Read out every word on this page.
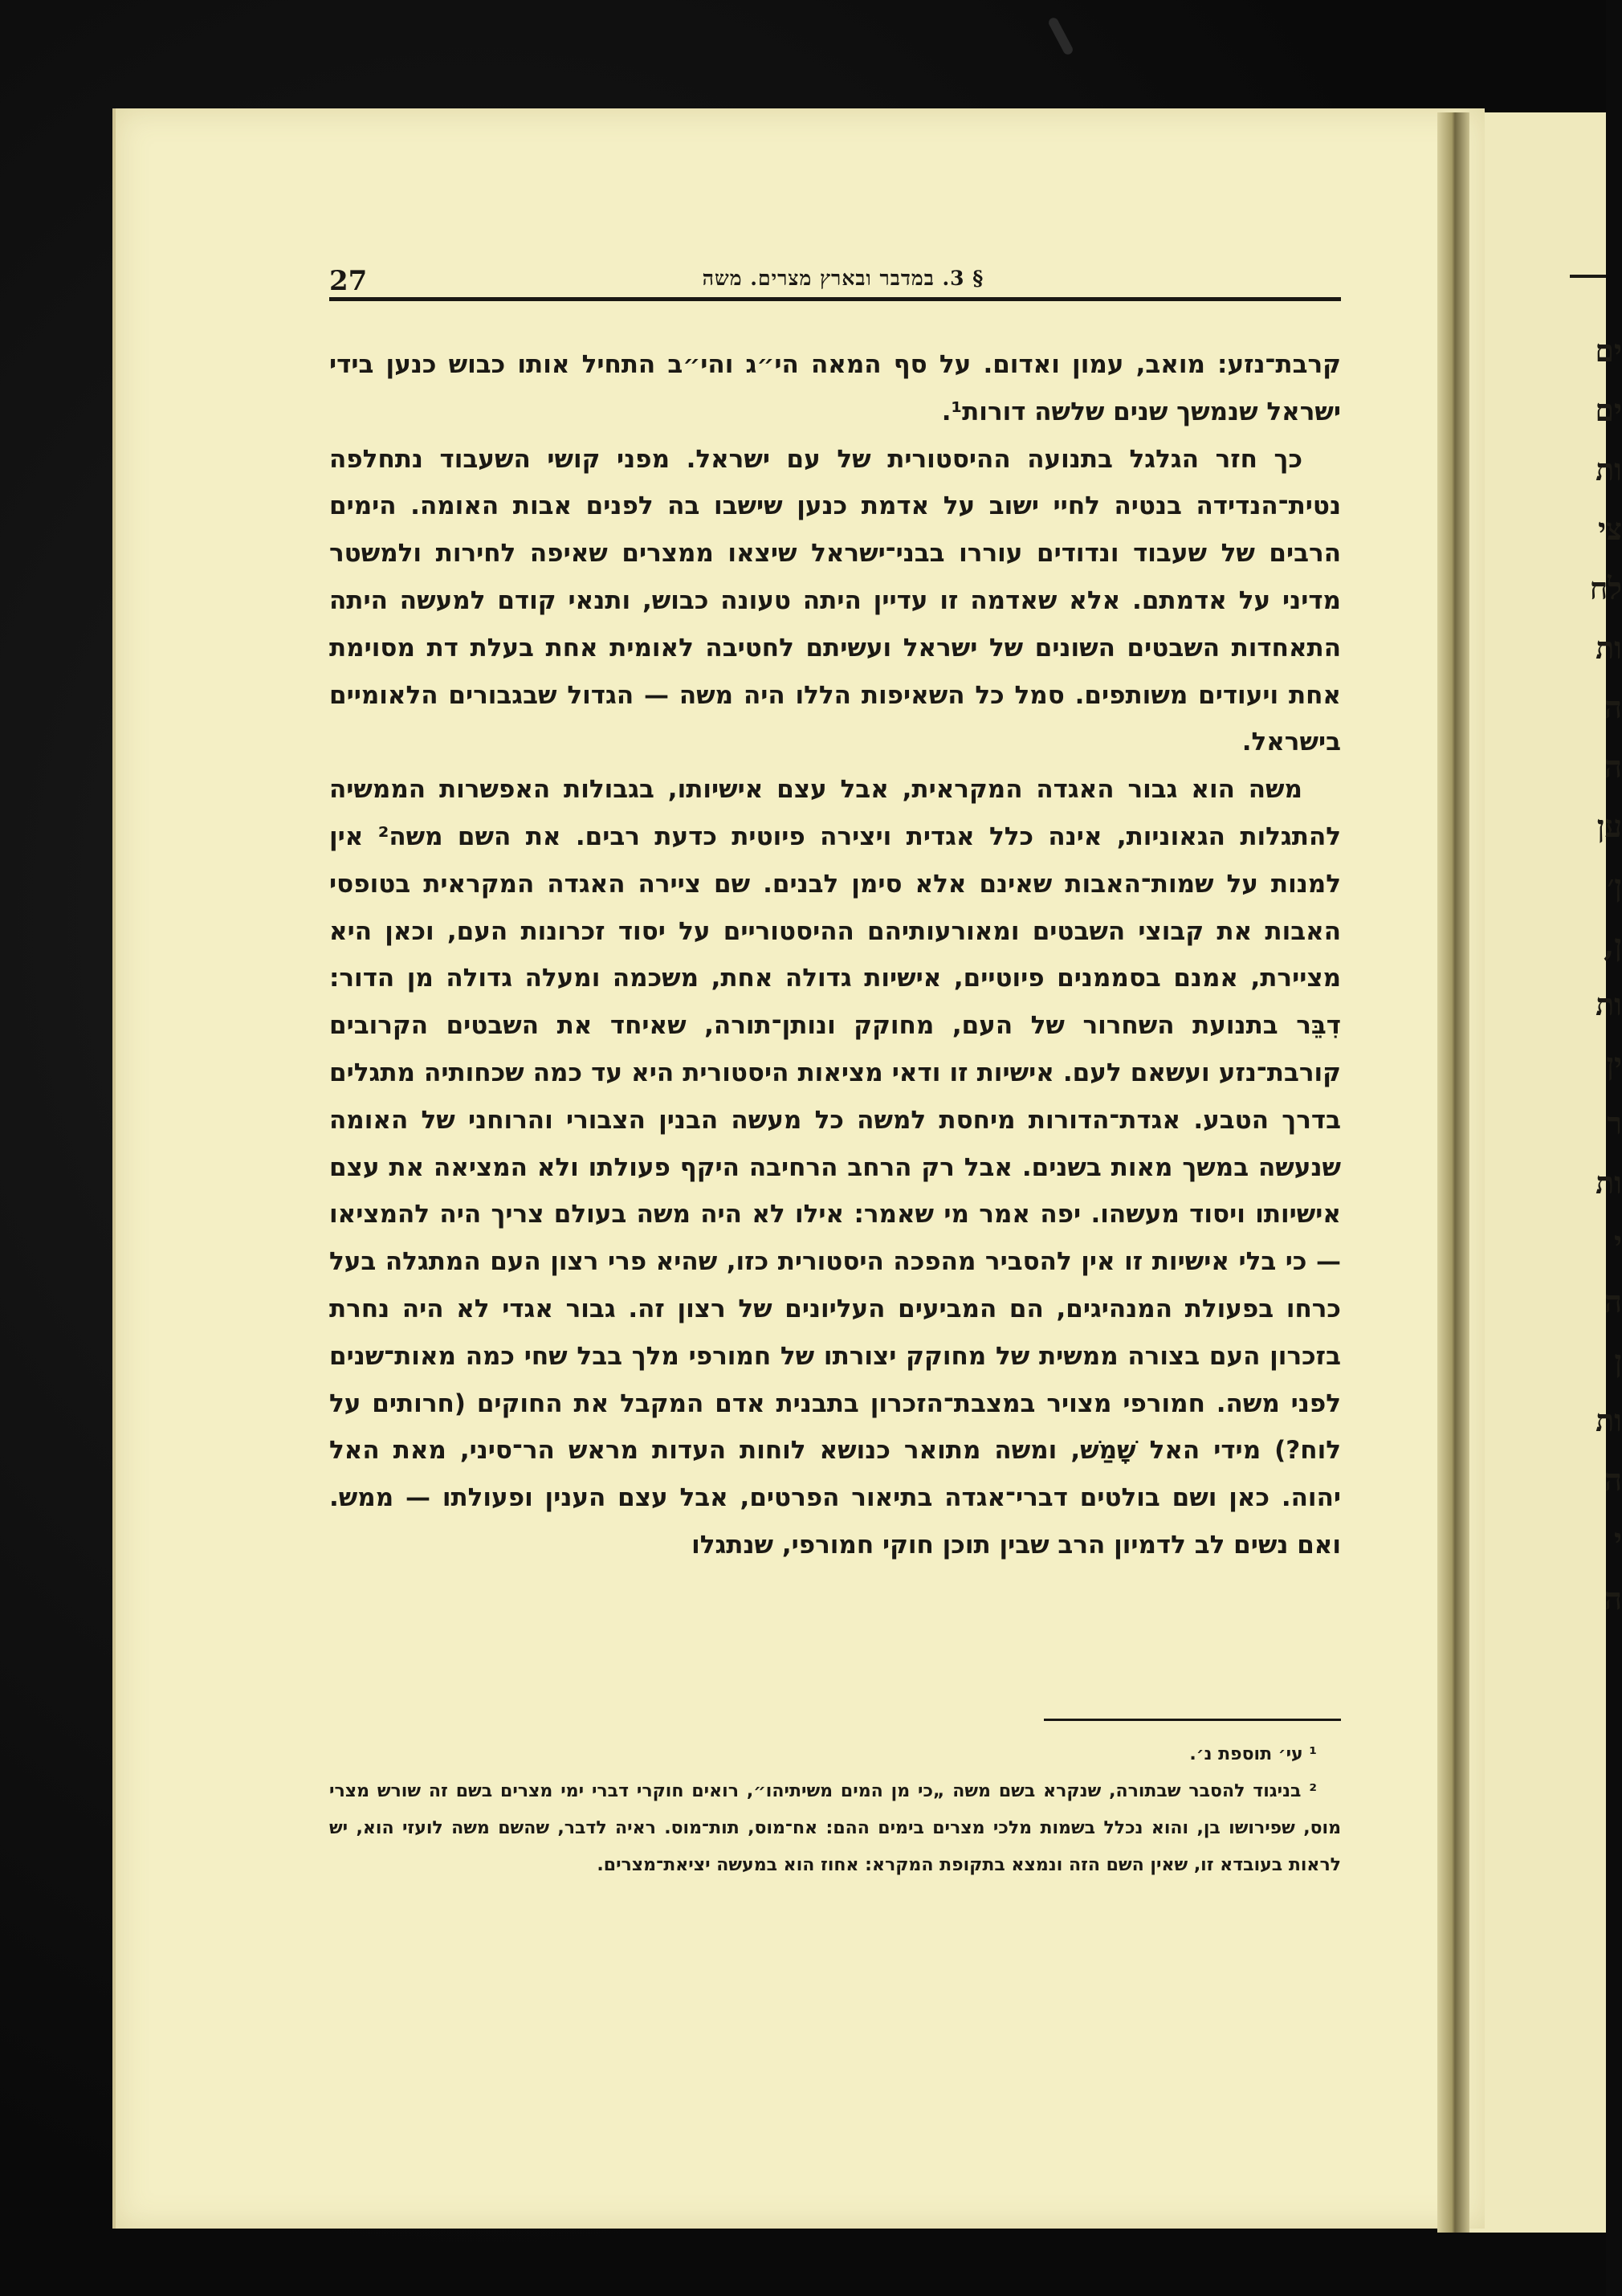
ים
ים
ות
צי
לח
ות
ה
ה
ען
ן׳
ן,
ות
ין
ר
ות
י
ה
ן
ות
ה
י
ה
27	§ 3. במדבר ובארץ מצרים. משה

קרבת־נזע: מואב, עמון ואדום. על סף המאה הי״ג והי״ב התחיל אותו כבוש כנען בידי ישראל שנמשך שנים שלשה דורות¹.

כך חזר הגלגל בתנועה ההיסטורית של עם ישראל. מפני קושי השעבוד נתחלפה נטית־הנדידה בנטיה לחיי ישוב על אדמת כנען שישבו בה לפנים אבות האומה. הימים הרבים של שעבוד ונדודים עוררו בבני־ישראל שיצאו ממצרים שאיפה לחירות ולמשטר מדיני על אדמתם. אלא שאדמה זו עדיין היתה טעונה כבוש, ותנאי קודם למעשה היתה התאחדות השבטים השונים של ישראל ועשיתם לחטיבה לאומית אחת בעלת דת מסוימת אחת ויעודים משותפים. סמל כל השאיפות הללו היה משה — הגדול שבגבורים הלאומיים בישראל.

משה הוא גבור האגדה המקראית, אבל עצם אישיותו, בגבולות האפשרות הממשיה להתגלות הגאוניות, אינה כלל אגדית ויצירה פיוטית כדעת רבים. את השם משה² אין למנות על שמות־האבות שאינם אלא סימן לבנים. שם ציירה האגדה המקראית בטופסי האבות את קבוצי השבטים ומאורעותיהם ההיסטוריים על יסוד זכרונות העם, וכאן היא מציירת, אמנם בסממנים פיוטיים, אישיות גדולה אחת, משכמה ומעלה גדולה מן הדור: דִבֵּר בתנועת השחרור של העם, מחוקק ונותן־תורה, שאיחד את השבטים הקרובים קורבת־נזע ועשאם לעם. אישיות זו ודאי מציאות היסטורית היא עד כמה שכחותיה מתגלים בדרך הטבע. אגדת־הדורות מיחסת למשה כל מעשה הבנין הצבורי והרוחני של האומה שנעשה במשך מאות בשנים. אבל רק הרחב הרחיבה היקף פעולתו ולא המציאה את עצם אישיותו ויסוד מעשהו. יפה אמר מי שאמר: אילו לא היה משה בעולם צריך היה להמציאו — כי בלי אישיות זו אין להסביר מהפכה היסטורית כזו, שהיא פרי רצון העם המתגלה בעל כרחו בפעולת המנהיגים, הם המביעים העליונים של רצון זה. גבור אגדי לא היה נחרת בזכרון העם בצורה ממשית של מחוקק יצורתו של חמורפי מלך בבל שחי כמה מאות־שנים לפני משה. חמורפי מצויר במצבת־הזכרון בתבנית אדם המקבל את החוקים (חרותים על לוח?) מידי האל שָׁמַשׁ, ומשה מתואר כנושא לוחות העדות מראש הר־סיני, מאת האל יהוה. כאן ושם בולטים דברי־אגדה בתיאור הפרטים, אבל עצם הענין ופעולתו — ממש. ואם נשים לב לדמיון הרב שבין תוכן חוקי חמורפי, שנתגלו

¹ עי׳ תוספת נ׳.

² בניגוד להסבר שבתורה, שנקרא בשם משה „כי מן המים משיתיהו״, רואים חוקרי דברי ימי מצרים בשם זה שורש מצרי מוס, שפירושו בן, והוא נכלל בשמות מלכי מצרים בימים ההם: אח־מוס, תות־מוס. ראיה לדבר, שהשם משה לועזי הוא, יש לראות בעובדא זו, שאין השם הזה ונמצא בתקופת המקרא: אחוז הוא במעשה יציאת־מצרים.
